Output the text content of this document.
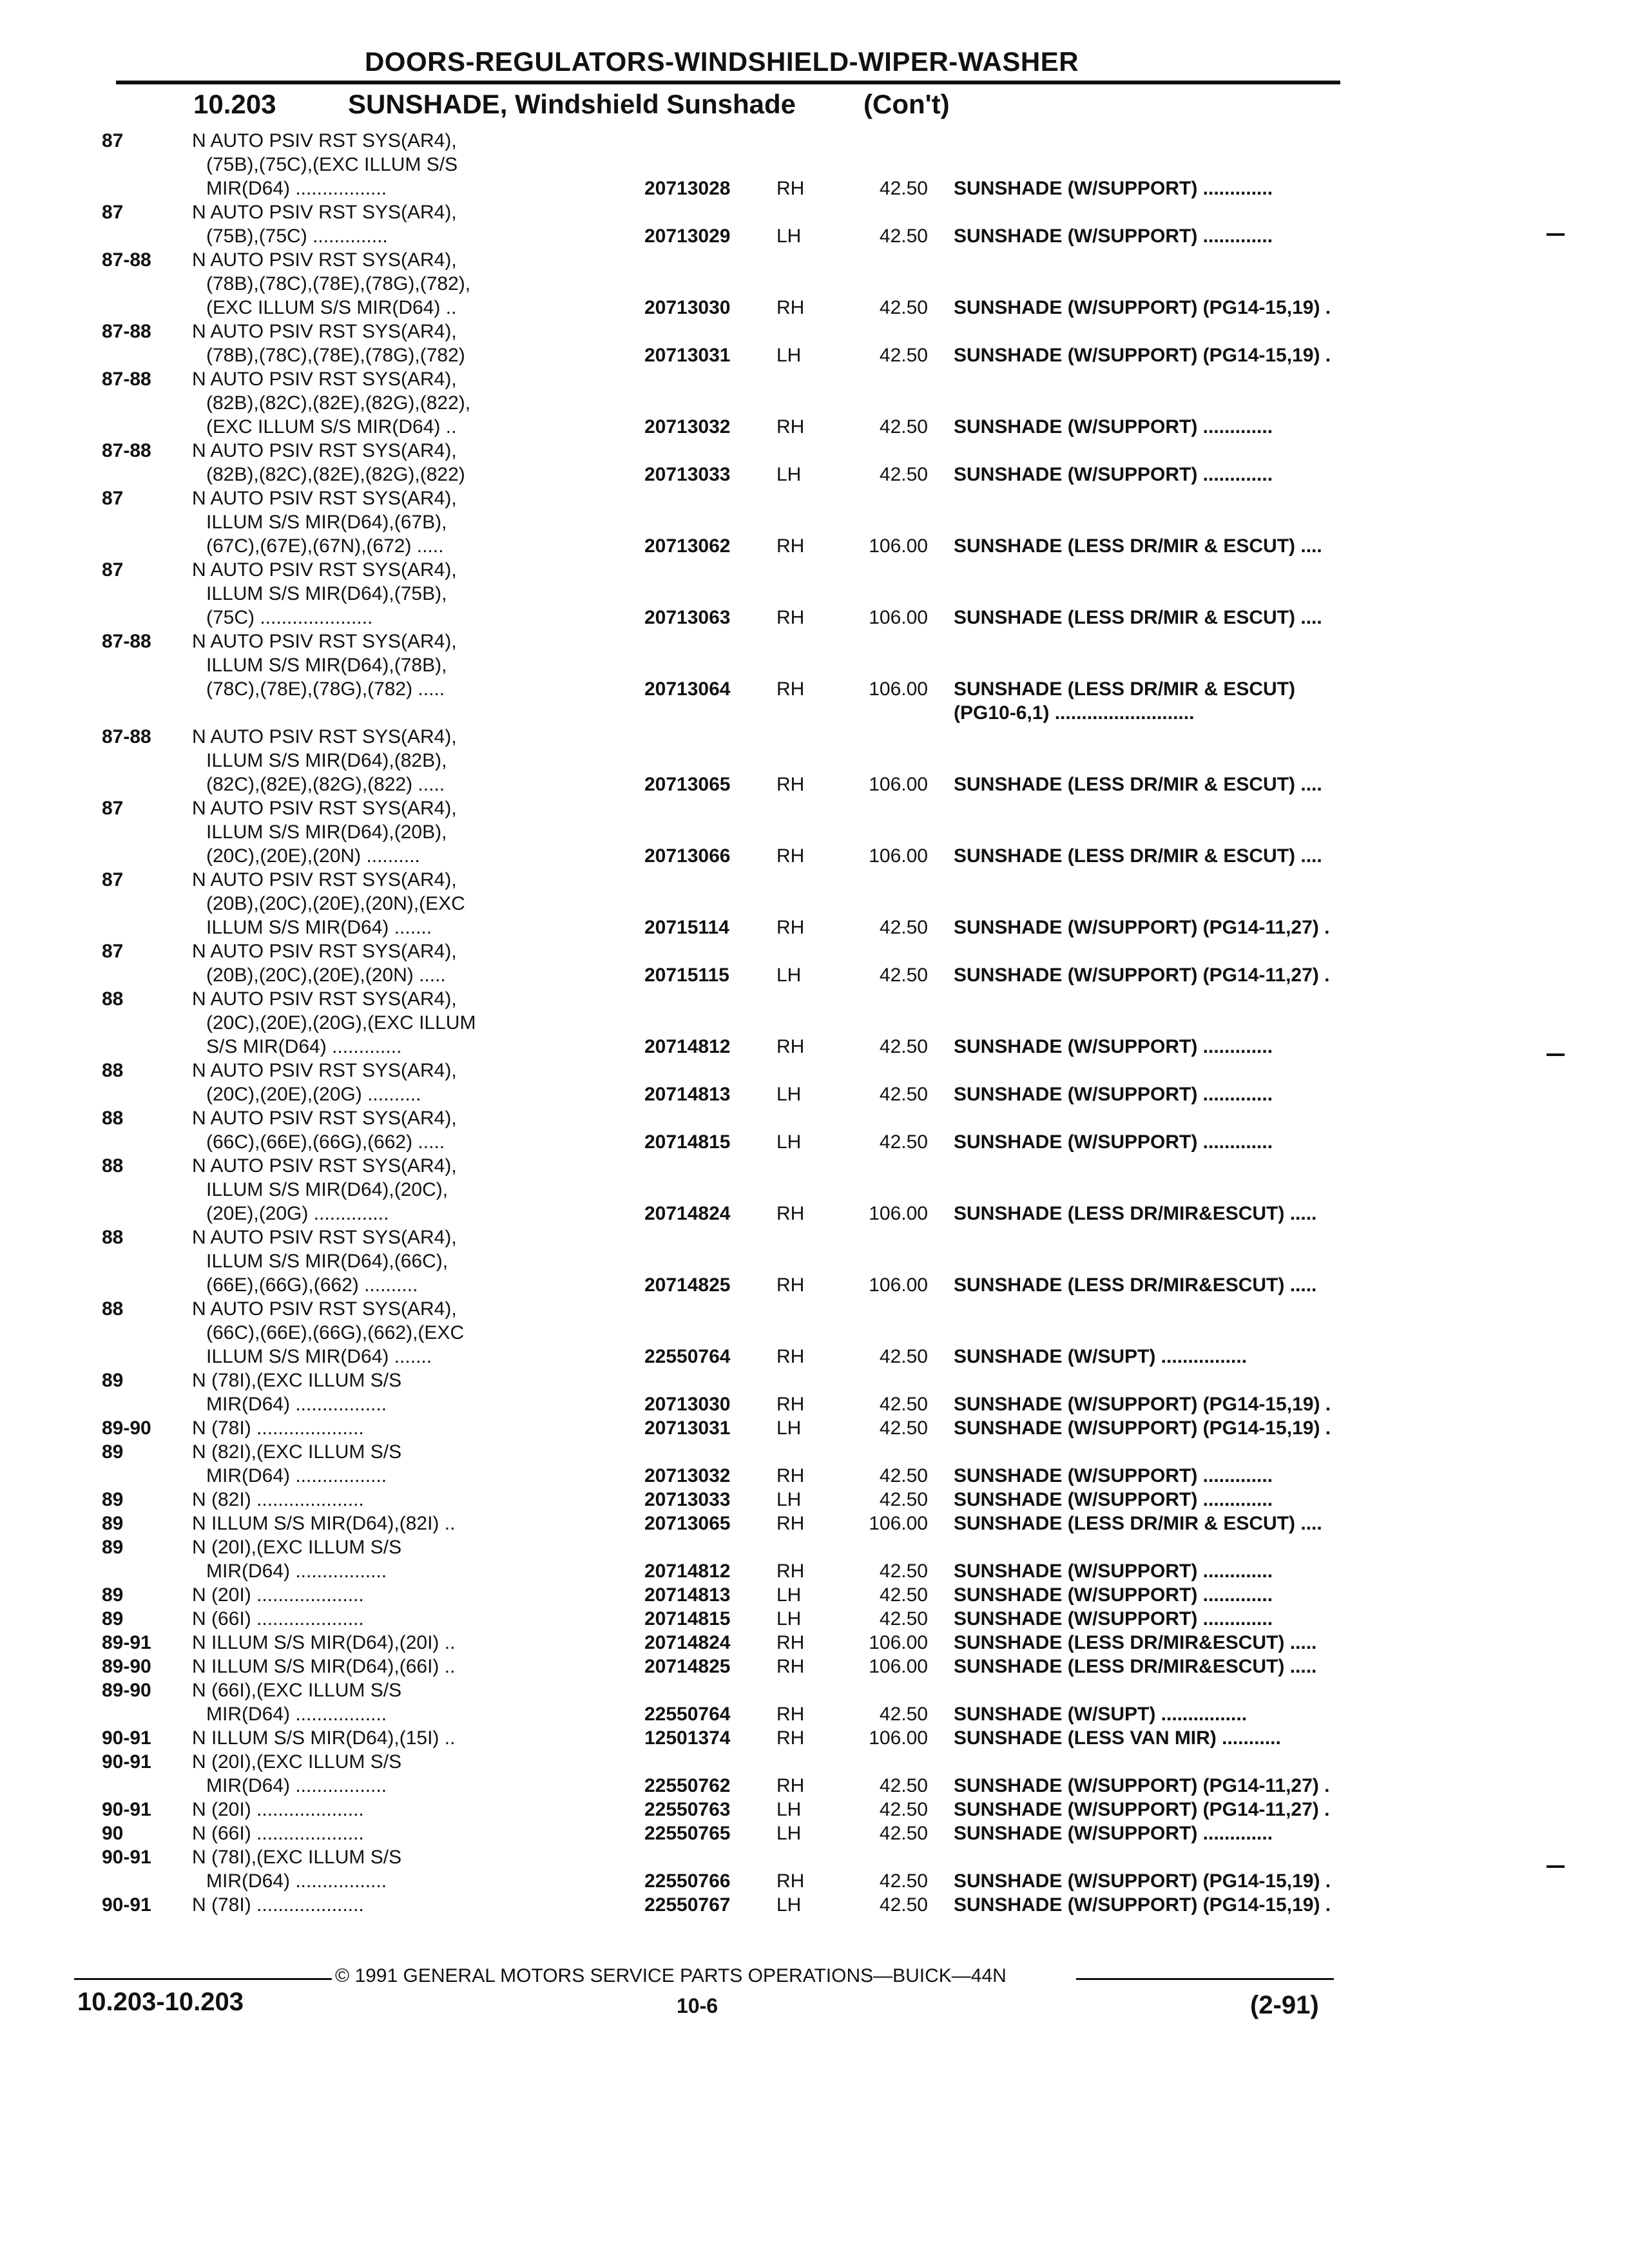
DOORS-REGULATORS-WINDSHIELD-WIPER-WASHER
10.203	SUNSHADE, Windshield Sunshade (Con't)
87	N AUTO PSIV RST SYS(AR4),
(75B),(75C),(EXC ILLUM S/S
MIR(D64) .................	20713028	RH	42.50 SUNSHADE (W/SUPPORT) .............
87	N AUTO PSIV RST SYS(AR4),
(75B),(75C) ..............	20713029	LH	42.50 SUNSHADE (W/SUPPORT) .............
87-88	N AUTO PSIV RST SYS(AR4),
(78B),(78C),(78E),(78G),(782),
(EXC ILLUM S/S MIR(D64) ..	20713030	RH	42.50 SUNSHADE (W/SUPPORT) (PG14-15,19) .
87-88	N AUTO PSIV RST SYS(AR4),
(78B),(78C),(78E),(78G),(782)	20713031	LH	42.50 SUNSHADE (W/SUPPORT) (PG14-15,19) .
87-88	N AUTO PSIV RST SYS(AR4),
(82B),(82C),(82E),(82G),(822),
(EXC ILLUM S/S MIR(D64) ..	20713032	RH	42.50 SUNSHADE (W/SUPPORT) .............
87-88	N AUTO PSIV RST SYS(AR4),
(82B),(82C),(82E),(82G),(822)	20713033	LH	42.50 SUNSHADE (W/SUPPORT) .............
87	N AUTO PSIV RST SYS(AR4),
ILLUM S/S MIR(D64),(67B),
(67C),(67E),(67N),(672) .....	20713062	RH	106.00 SUNSHADE (LESS DR/MIR & ESCUT) ....
87	N AUTO PSIV RST SYS(AR4),
ILLUM S/S MIR(D64),(75B),
(75C) .....................	20713063	RH	106.00 SUNSHADE (LESS DR/MIR & ESCUT) ....
87-88	N AUTO PSIV RST SYS(AR4),
ILLUM S/S MIR(D64),(78B),
(78C),(78E),(78G),(782) .....	20713064	RH	106.00 SUNSHADE (LESS DR/MIR & ESCUT)
(PG10-6,1) ..........................
87-88	N AUTO PSIV RST SYS(AR4),
ILLUM S/S MIR(D64),(82B),
(82C),(82E),(82G),(822) .....	20713065	RH	106.00 SUNSHADE (LESS DR/MIR & ESCUT) ....
87	N AUTO PSIV RST SYS(AR4),
ILLUM S/S MIR(D64),(20B),
(20C),(20E),(20N) ..........	20713066	RH	106.00 SUNSHADE (LESS DR/MIR & ESCUT) ....
87	N AUTO PSIV RST SYS(AR4),
(20B),(20C),(20E),(20N),(EXC
ILLUM S/S MIR(D64) .......	20715114	RH	42.50 SUNSHADE (W/SUPPORT) (PG14-11,27) .
87	N AUTO PSIV RST SYS(AR4),
(20B),(20C),(20E),(20N) .....	20715115	LH	42.50 SUNSHADE (W/SUPPORT) (PG14-11,27) .
88	N AUTO PSIV RST SYS(AR4),
(20C),(20E),(20G),(EXC ILLUM
S/S MIR(D64) .............	20714812	RH	42.50 SUNSHADE (W/SUPPORT) .............
88	N AUTO PSIV RST SYS(AR4),
(20C),(20E),(20G) ..........	20714813	LH	42.50 SUNSHADE (W/SUPPORT) .............
88	N AUTO PSIV RST SYS(AR4),
(66C),(66E),(66G),(662) .....	20714815	LH	42.50 SUNSHADE (W/SUPPORT) .............
88	N AUTO PSIV RST SYS(AR4),
ILLUM S/S MIR(D64),(20C),
(20E),(20G) ..............	20714824	RH	106.00 SUNSHADE (LESS DR/MIR&ESCUT) .....
88	N AUTO PSIV RST SYS(AR4),
ILLUM S/S MIR(D64),(66C),
(66E),(66G),(662) ..........	20714825	RH	106.00 SUNSHADE (LESS DR/MIR&ESCUT) .....
88	N AUTO PSIV RST SYS(AR4),
(66C),(66E),(66G),(662),(EXC
ILLUM S/S MIR(D64) .......	22550764	RH	42.50 SUNSHADE (W/SUPT) ................
89	N (78I),(EXC ILLUM S/S
MIR(D64) .................	20713030	RH	42.50 SUNSHADE (W/SUPPORT) (PG14-15,19) .
89-90	N (78I) ....................	20713031	LH	42.50 SUNSHADE (W/SUPPORT) (PG14-15,19) .
89	N (82I),(EXC ILLUM S/S
MIR(D64) .................	20713032	RH	42.50 SUNSHADE (W/SUPPORT) .............
89	N (82I) ....................	20713033	LH	42.50 SUNSHADE (W/SUPPORT) .............
89	N ILLUM S/S MIR(D64),(82I) ..	20713065	RH	106.00 SUNSHADE (LESS DR/MIR & ESCUT) ....
89	N (20I),(EXC ILLUM S/S
MIR(D64) .................	20714812	RH	42.50 SUNSHADE (W/SUPPORT) .............
89	N (20I) ....................	20714813	LH	42.50 SUNSHADE (W/SUPPORT) .............
89	N (66I) ....................	20714815	LH	42.50 SUNSHADE (W/SUPPORT) .............
89-91	N ILLUM S/S MIR(D64),(20I) ..	20714824	RH	106.00 SUNSHADE (LESS DR/MIR&ESCUT) .....
89-90	N ILLUM S/S MIR(D64),(66I) ..	20714825	RH	106.00 SUNSHADE (LESS DR/MIR&ESCUT) .....
89-90	N (66I),(EXC ILLUM S/S
MIR(D64) .................	22550764	RH	42.50 SUNSHADE (W/SUPT) ................
90-91	N ILLUM S/S MIR(D64),(15I) ..	12501374	RH	106.00 SUNSHADE (LESS VAN MIR) ...........
90-91	N (20I),(EXC ILLUM S/S
MIR(D64) .................	22550762	RH	42.50 SUNSHADE (W/SUPPORT) (PG14-11,27) .
90-91	N (20I) ....................	22550763	LH	42.50 SUNSHADE (W/SUPPORT) (PG14-11,27) .
90	N (66I) ....................	22550765	LH	42.50 SUNSHADE (W/SUPPORT) .............
90-91	N (78I),(EXC ILLUM S/S
MIR(D64) .................	22550766	RH	42.50 SUNSHADE (W/SUPPORT) (PG14-15,19) .
90-91	N (78I) ....................	22550767	LH	42.50 SUNSHADE (W/SUPPORT) (PG14-15,19) .
© 1991 GENERAL MOTORS SERVICE PARTS OPERATIONS—BUICK—44N
10.203-10.203	10-6	(2-91)
